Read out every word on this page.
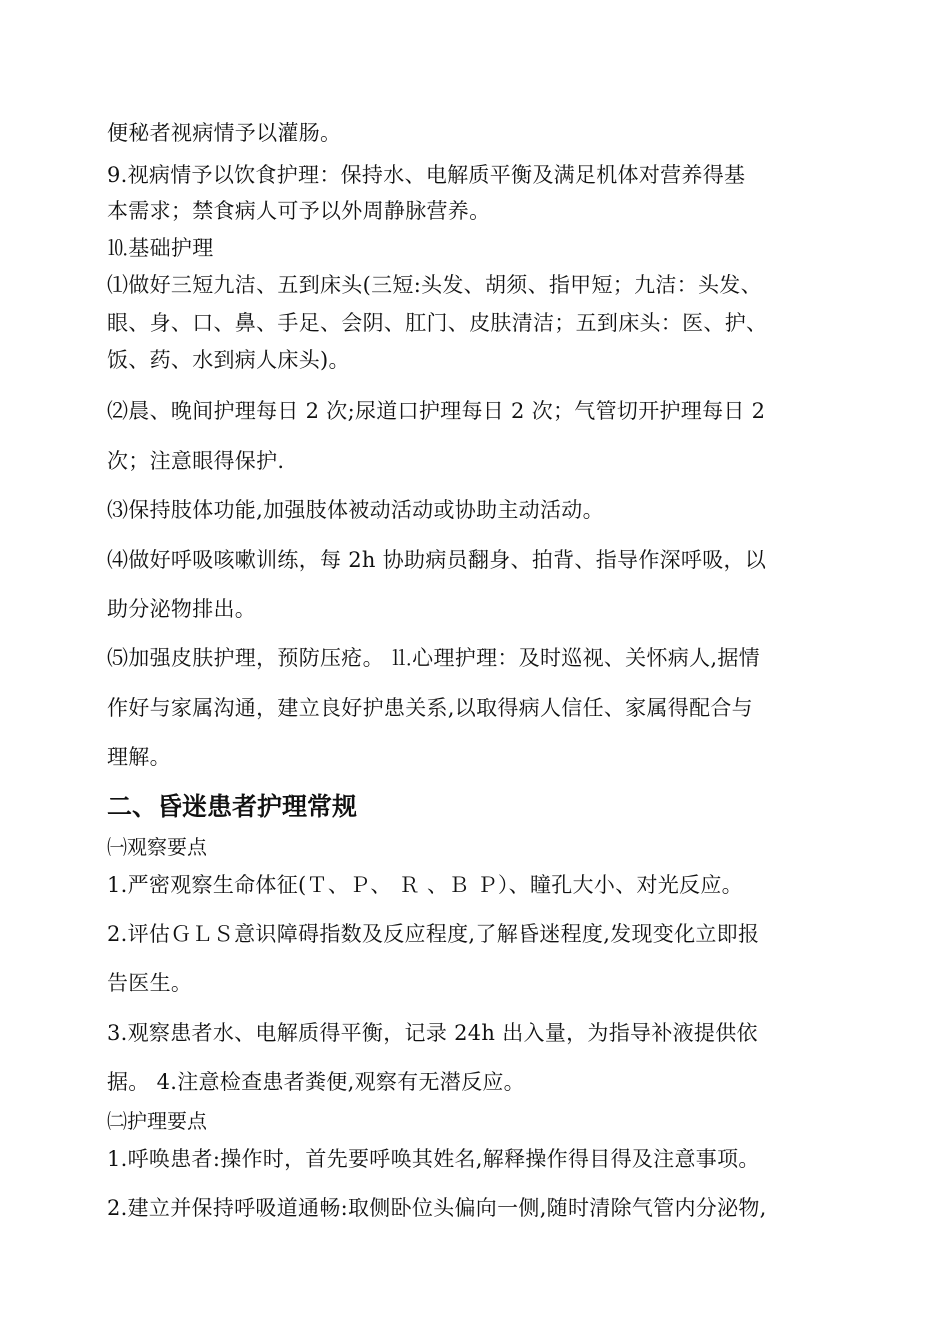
便秘者视病情予以灌肠。
9.视病情予以饮食护理：保持水、电解质平衡及满足机体对营养得基
本需求；禁食病人可予以外周静脉营养。
⒑基础护理
⑴做好三短九洁、五到床头(三短:头发、胡须、指甲短；九洁：头发、
眼、身、口、鼻、手足、会阴、肛门、皮肤清洁；五到床头：医、护、
饭、药、水到病人床头)。
⑵晨、晚间护理每日 2 次;尿道口护理每日 2 次；气管切开护理每日 2
次；注意眼得保护.
⑶保持肢体功能,加强肢体被动活动或协助主动活动。
⑷做好呼吸咳嗽训练，每 2h 协助病员翻身、拍背、指导作深呼吸，以
助分泌物排出。
⑸加强皮肤护理，预防压疮。 ⒒心理护理：及时巡视、关怀病人,据情
作好与家属沟通，建立良好护患关系,以取得病人信任、家属得配合与
理解。
二、昏迷患者护理常规
㈠观察要点
1.严密观察生命体征(Ｔ、Ｐ、 Ｒ 、Ｂ Ｐ）、瞳孔大小、对光反应。
2.评估ＧＬＳ意识障碍指数及反应程度,了解昏迷程度,发现变化立即报
告医生。
3.观察患者水、电解质得平衡，记录 24h 出入量，为指导补液提供依
据。 4.注意检查患者粪便,观察有无潜反应。
㈡护理要点
1.呼唤患者:操作时，首先要呼唤其姓名,解释操作得目得及注意事项。
2.建立并保持呼吸道通畅:取侧卧位头偏向一侧,随时清除气管内分泌物,
